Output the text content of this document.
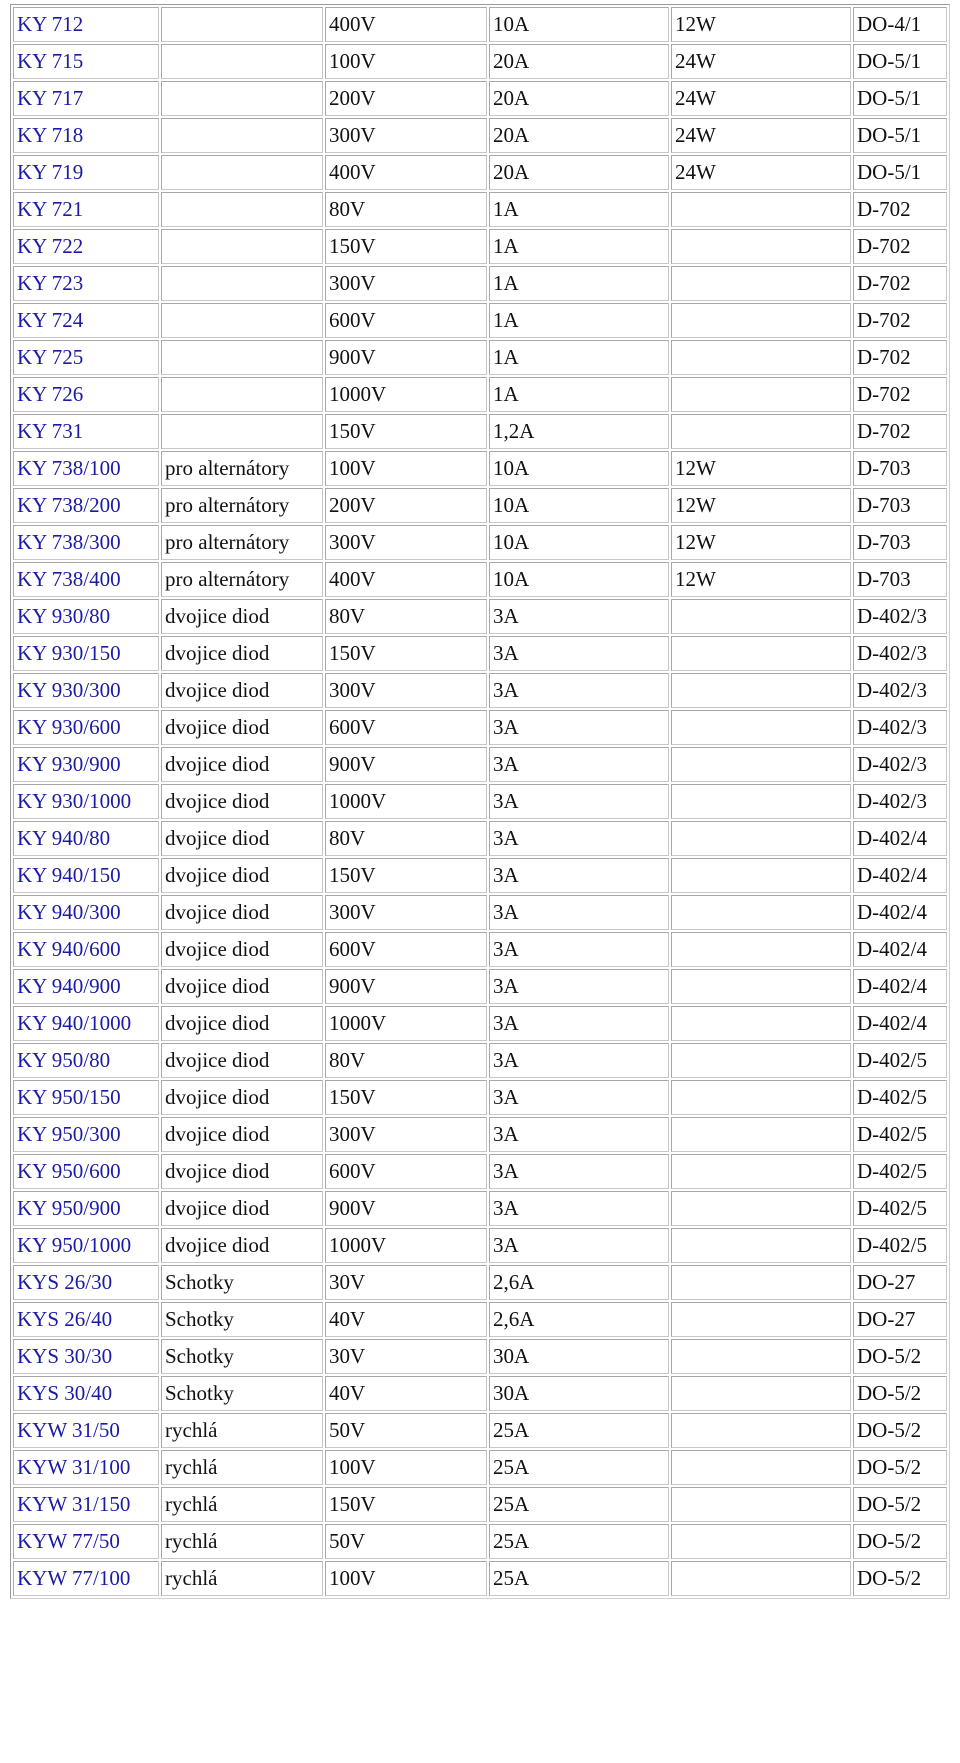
KY 712		400V	10A	12W	DO-4/1
KY 715		100V	20A	24W	DO-5/1
KY 717		200V	20A	24W	DO-5/1
KY 718		300V	20A	24W	DO-5/1
KY 719		400V	20A	24W	DO-5/1
KY 721		80V	1A		D-702
KY 722		150V	1A		D-702
KY 723		300V	1A		D-702
KY 724		600V	1A		D-702
KY 725		900V	1A		D-702
KY 726		1000V	1A		D-702
KY 731		150V	1,2A		D-702
KY 738/100	pro alternátory	100V	10A	12W	D-703
KY 738/200	pro alternátory	200V	10A	12W	D-703
KY 738/300	pro alternátory	300V	10A	12W	D-703
KY 738/400	pro alternátory	400V	10A	12W	D-703
KY 930/80	dvojice diod	80V	3A		D-402/3
KY 930/150	dvojice diod	150V	3A		D-402/3
KY 930/300	dvojice diod	300V	3A		D-402/3
KY 930/600	dvojice diod	600V	3A		D-402/3
KY 930/900	dvojice diod	900V	3A		D-402/3
KY 930/1000	dvojice diod	1000V	3A		D-402/3
KY 940/80	dvojice diod	80V	3A		D-402/4
KY 940/150	dvojice diod	150V	3A		D-402/4
KY 940/300	dvojice diod	300V	3A		D-402/4
KY 940/600	dvojice diod	600V	3A		D-402/4
KY 940/900	dvojice diod	900V	3A		D-402/4
KY 940/1000	dvojice diod	1000V	3A		D-402/4
KY 950/80	dvojice diod	80V	3A		D-402/5
KY 950/150	dvojice diod	150V	3A		D-402/5
KY 950/300	dvojice diod	300V	3A		D-402/5
KY 950/600	dvojice diod	600V	3A		D-402/5
KY 950/900	dvojice diod	900V	3A		D-402/5
KY 950/1000	dvojice diod	1000V	3A		D-402/5
KYS 26/30	Schotky	30V	2,6A		DO-27
KYS 26/40	Schotky	40V	2,6A		DO-27
KYS 30/30	Schotky	30V	30A		DO-5/2
KYS 30/40	Schotky	40V	30A		DO-5/2
KYW 31/50	rychlá	50V	25A		DO-5/2
KYW 31/100	rychlá	100V	25A		DO-5/2
KYW 31/150	rychlá	150V	25A		DO-5/2
KYW 77/50	rychlá	50V	25A		DO-5/2
KYW 77/100	rychlá	100V	25A		DO-5/2
